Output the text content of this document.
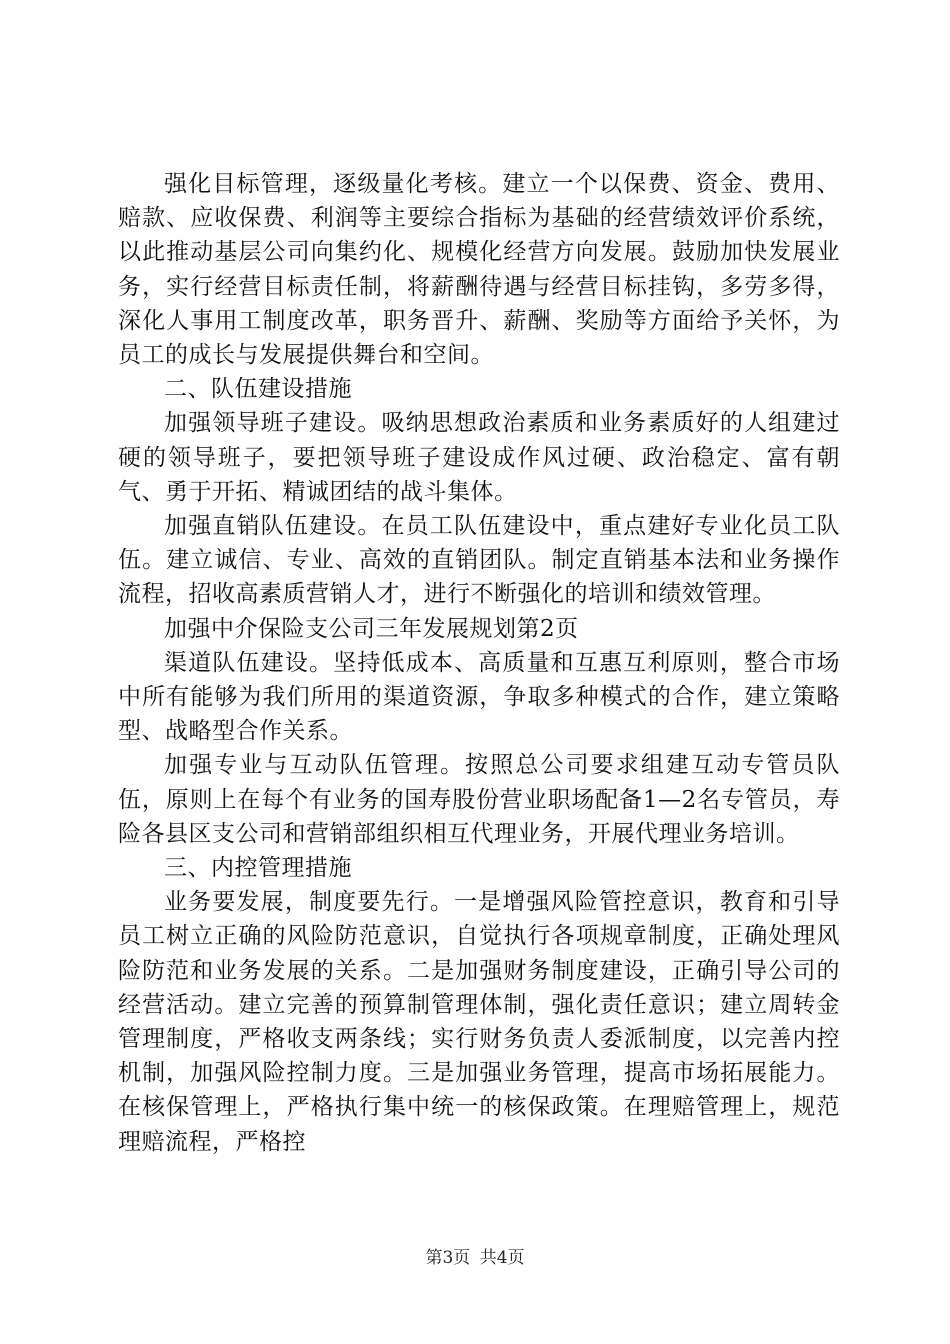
强化目标管理，逐级量化考核。建立一个以保费、资金、费用、赔款、应收保费、利润等主要综合指标为基础的经营绩效评价系统，以此推动基层公司向集约化、规模化经营方向发展。鼓励加快发展业务，实行经营目标责任制，将薪酬待遇与经营目标挂钩，多劳多得，深化人事用工制度改革，职务晋升、薪酬、奖励等方面给予关怀，为员工的成长与发展提供舞台和空间。

二、队伍建设措施

加强领导班子建设。吸纳思想政治素质和业务素质好的人组建过硬的领导班子，要把领导班子建设成作风过硬、政治稳定、富有朝气、勇于开拓、精诚团结的战斗集体。

加强直销队伍建设。在员工队伍建设中，重点建好专业化员工队伍。建立诚信、专业、高效的直销团队。制定直销基本法和业务操作流程，招收高素质营销人才，进行不断强化的培训和绩效管理。

加强中介保险支公司三年发展规划第2页

渠道队伍建设。坚持低成本、高质量和互惠互利原则，整合市场中所有能够为我们所用的渠道资源，争取多种模式的合作，建立策略型、战略型合作关系。

加强专业与互动队伍管理。按照总公司要求组建互动专管员队伍，原则上在每个有业务的国寿股份营业职场配备1—2名专管员，寿险各县区支公司和营销部组织相互代理业务，开展代理业务培训。

三、内控管理措施

业务要发展，制度要先行。一是增强风险管控意识，教育和引导员工树立正确的风险防范意识，自觉执行各项规章制度，正确处理风险防范和业务发展的关系。二是加强财务制度建设，正确引导公司的经营活动。建立完善的预算制管理体制，强化责任意识；建立周转金管理制度，严格收支两条线；实行财务负责人委派制度，以完善内控机制，加强风险控制力度。三是加强业务管理，提高市场拓展能力。在核保管理上，严格执行集中统一的核保政策。在理赔管理上，规范理赔流程，严格控

第3页 共4页
